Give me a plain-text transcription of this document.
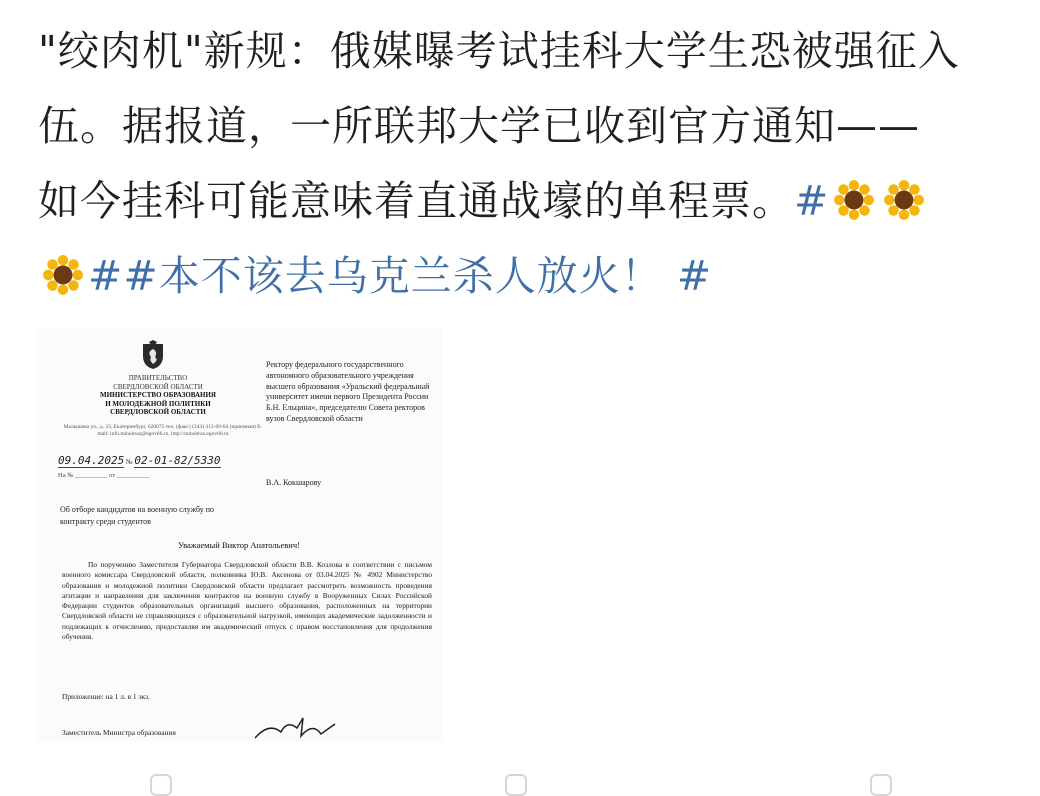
"绞肉机"新规：俄媒曝考试挂科大学生恐被强征入
伍。据报道，一所联邦大学已收到官方通知——
如今挂科可能意味着直通战壕的单程票。#
##本不该去乌克兰杀人放火！ #
ПРАВИТЕЛЬСТВО
СВЕРДЛОВСКОЙ ОБЛАСТИ
МИНИСТЕРСТВО ОБРАЗОВАНИЯ
И МОЛОДЕЖНОЙ ПОЛИТИКИ
СВЕРДЛОВСКОЙ ОБЛАСТИ
Малышева ул., д. 33, Екатеринбург, 620075 тел. (факс) (343) 312-00-04 (приемная) E-mail: info.minobraz@egov66.ru, http://minobraz.egov66.ru
09.04.2025 № 02-01-82/5330
На № __________ от __________
Ректору федерального государственного автономного образовательного учреждения высшего образования «Уральский федеральный университет имени первого Президента России Б.Н. Ельцина», председателю Совета ректоров вузов Свердловской области
В.А. Кокшарову
Об отборе кандидатов на военную службу по контракту среди студентов
Уважаемый Виктор Анатольевич!
По поручению Заместителя Губернатора Свердловской области В.В. Козлова в соответствии с письмом военного комиссара Свердловской области, полковника Ю.В. Аксенова от 03.04.2025 № 4902 Министерство образования и молодежной политики Свердловской области предлагает рассмотреть возможность проведения агитации и направления для заключения контрактов на военную службу в Вооруженных Силах Российской Федерации студентов образовательных организаций высшего образования, расположенных на территории Свердловской области не справляющихся с образовательной нагрузкой, имеющих академические задолженности и подлежащих к отчислению, предоставляя им академический отпуск с правом восстановления для продолжения обучения.
Приложение: на 1 л. в 1 экз.
Заместитель Министра образования
